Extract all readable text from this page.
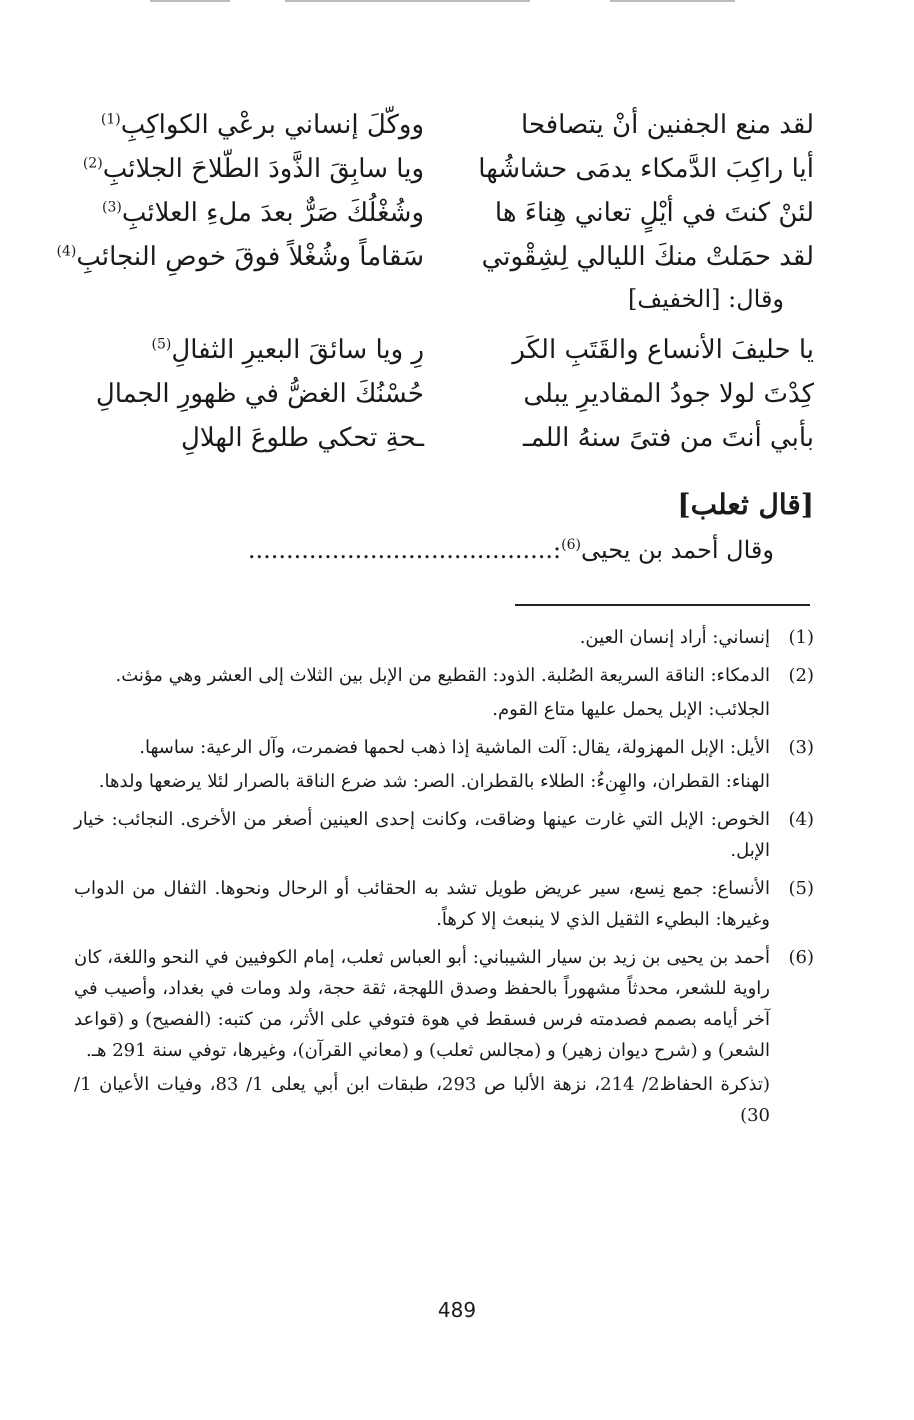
لقد منع الجفنين أنْ يتصافحا
ووكّلَ إنساني برعْي الكواكِبِ$^{(1)}$
أيا راكِبَ الدَّمكاء يدمَى حشاشُها
ويا سابِقَ الذَّودَ الطّلاحَ الجلائبِ$^{(2)}$
لئنْ كنتَ في أيْلٍ تعاني هِناءَ ها
وشُغْلُكَ صَرٌّ بعدَ ملءِ العلائبِ$^{(3)}$
لقد حمَلتْ منكَ الليالي لِشِقْوتي
سَقاماً وشُغْلاً فوقَ خوصِ النجائبِ$^{(4)}$
وقال: [الخفيف]
يا حليفَ الأنساع والقَتَبِ الكَر
رِ ويا سائقَ البعيرِ الثفالِ$^{(5)}$
كِدْتَ لولا جودُ المقاديرِ يبلى
حُسْنُكَ الغضُّ في ظهورِ الجمالِ
بأبي أنتَ من فتىً سنهُ اللمـ
ـحةِ تحكي طلوعَ الهلالِ
[قال ثعلب]
وقال أحمد بن يحيى$^{(6)}$:........................................
(1)

إنساني: أراد إنسان العين.

(2)

الدمكاء: الناقة السريعة الصُلبة. الذود: القطيع من الإبل بين الثلاث إلى العشر وهي مؤنث.

الجلائب: الإبل يحمل عليها متاع القوم.

(3)

الأيل: الإبل المهزولة، يقال: آلت الماشية إذا ذهب لحمها فضمرت، وآل الرعية: ساسها.

الهناء: القطران، والهِنءُ: الطلاء بالقطران. الصر: شد ضرع الناقة بالصرار لئلا يرضعها ولدها.

(4)

الخوص: الإبل التي غارت عينها وضاقت، وكانت إحدى العينين أصغر من الأخرى. النجائب: خيار الإبل.

(5)

الأنساع: جمع نِسع، سير عريض طويل تشد به الحقائب أو الرحال ونحوها. الثفال من الدواب وغيرها: البطيء الثقيل الذي لا ينبعث إلا كرهاً.

(6)

أحمد بن يحيى بن زيد بن سيار الشيباني: أبو العباس ثعلب، إمام الكوفيين في النحو واللغة، كان راوية للشعر، محدثاً مشهوراً بالحفظ وصدق اللهجة، ثقة حجة، ولد ومات في بغداد، وأصيب في آخر أيامه بصمم فصدمته فرس فسقط في هوة فتوفي على الأثر، من كتبه: (الفصيح) و (قواعد الشعر) و (شرح ديوان زهير) و (مجالس ثعلب) و (معاني القرآن)، وغيرها، توفي سنة 291 هـ.

(تذكرة الحفاظ2/ 214، نزهة الألبا ص 293، طبقات ابن أبي يعلى 1/ 83، وفيات الأعيان 1/ 30)

489
